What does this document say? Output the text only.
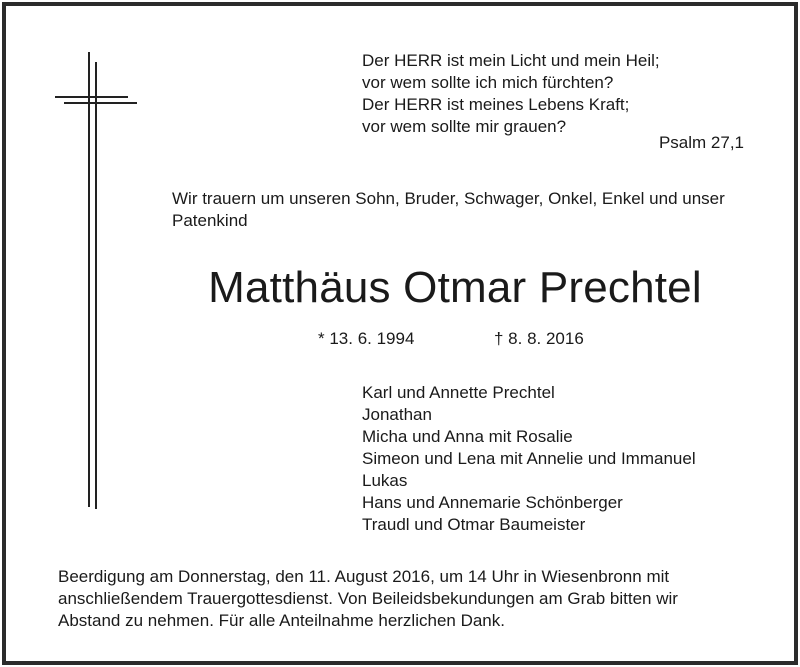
Der HERR ist mein Licht und mein Heil;
vor wem sollte ich mich fürchten?
Der HERR ist meines Lebens Kraft;
vor wem sollte mir grauen?
Psalm 27,1
Wir trauern um unseren Sohn, Bruder, Schwager, Onkel, Enkel und unser Patenkind
Matthäus Otmar Prechtel
* 13. 6. 1994	† 8. 8. 2016
Karl und Annette Prechtel
Jonathan
Micha und Anna mit Rosalie
Simeon und Lena mit Annelie und Immanuel
Lukas
Hans und Annemarie Schönberger
Traudl und Otmar Baumeister
Beerdigung am Donnerstag, den 11. August 2016, um 14 Uhr in Wiesenbronn mit
anschließendem Trauergottesdienst. Von Beileidsbekundungen am Grab bitten wir
Abstand zu nehmen. Für alle Anteilnahme herzlichen Dank.
